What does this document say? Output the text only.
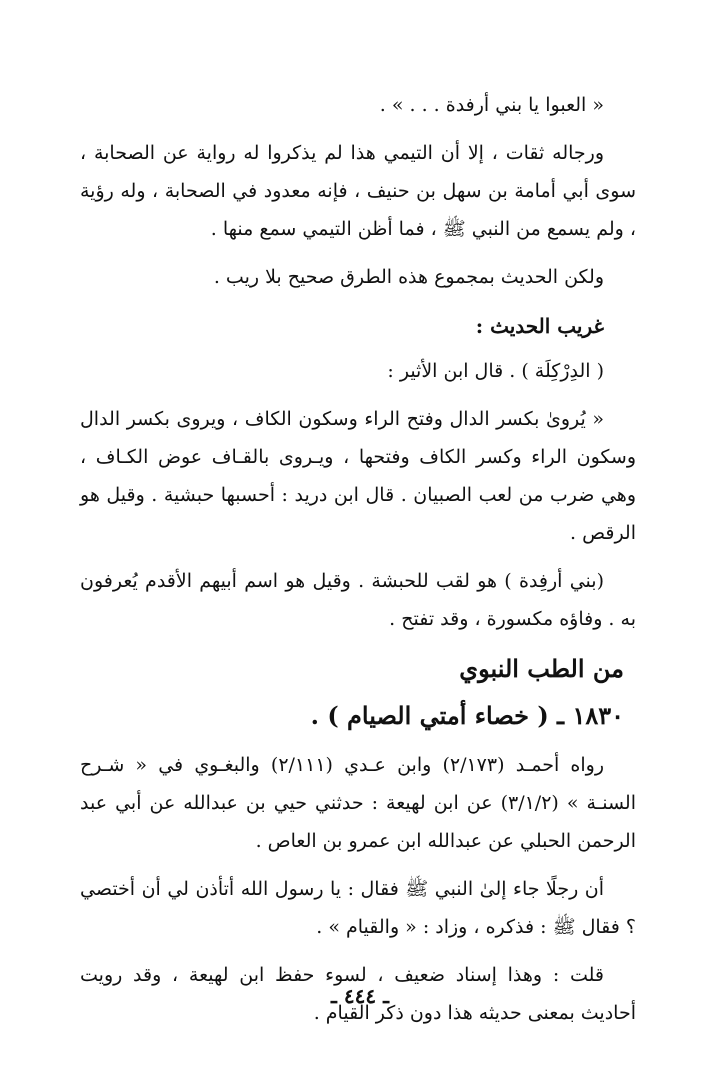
« العبوا يا بني أرفدة . . . » .

ورجاله ثقات ، إلا أن التيمي هذا لم يذكروا له رواية عن الصحابة ، سوى أبي أمامة بن سهل بن حنيف ، فإنه معدود في الصحابة ، وله رؤية ، ولم يسمع من النبي ﷺ ، فما أظن التيمي سمع منها .

ولكن الحديث بمجموع هذه الطرق صحيح بلا ريب .

غريب الحديث :

( الدِرْكِلَة ) . قال ابن الأثير :

« يُروىٰ بكسر الدال وفتح الراء وسكون الكاف ، ويروى بكسر الدال وسكون الراء وكسر الكاف وفتحها ، ويـروى بالقـاف عوض الكـاف ، وهي ضرب من لعب الصبيان . قال ابن دريد : أحسبها حبشية . وقيل هو الرقص .

(بني أرفِدة ) هو لقب للحبشة . وقيل هو اسم أبيهم الأقدم يُعرفون به . وفاؤه مكسورة ، وقد تفتح .

من الطب النبوي

١٨٣٠ ـ ( خصاء أمتي الصيام ) .

رواه أحمـد (٢/١٧٣) وابن عـدي (٢/١١١) والبغـوي في « شـرح السنـة » (٣/١/٢) عن ابن لهيعة : حدثني حيي بن عبدالله عن أبي عبد الرحمن الحبلي عن عبدالله ابن عمرو بن العاص .

أن رجلًا جاء إلىٰ النبي ﷺ فقال : يا رسول الله أتأذن لي أن أختصي ؟ فقال ﷺ : فذكره ، وزاد : « والقيام » .

قلت : وهذا إسناد ضعيف ، لسوء حفظ ابن لهيعة ، وقد رويت أحاديث بمعنى حديثه هذا دون ذكر القيام .

ـ ٤٤٤ ـ
